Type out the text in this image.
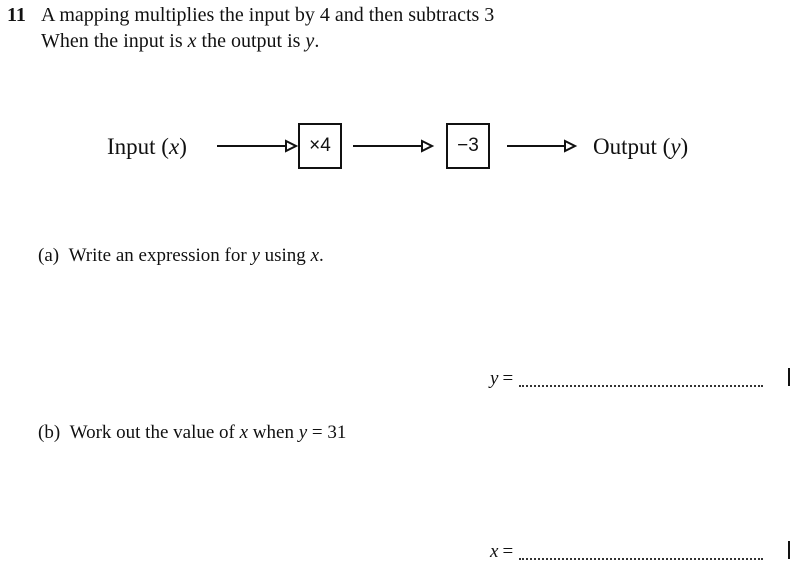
11 A mapping multiplies the input by 4 and then subtracts 3
When the input is x the output is y.
Input (x)	×4	−3	Output (y)
(a) Write an expression for y using x.
y =
(b) Work out the value of x when y = 31
x =
